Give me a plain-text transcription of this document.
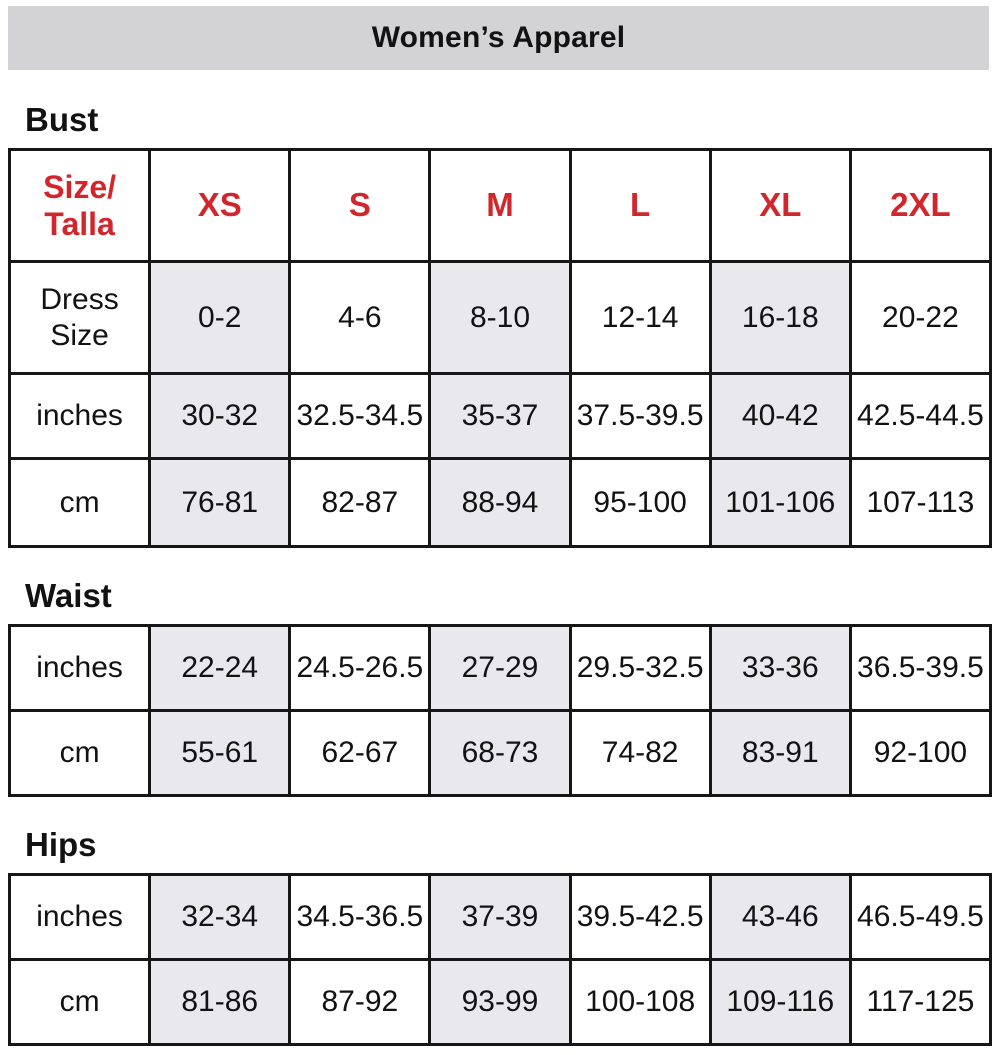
Women’s Apparel
Bust
Size/
Talla	XS	S	M	L	XL	2XL
Dress Size	0-2	4-6	8-10	12-14	16-18	20-22
inches	30-32	32.5-34.5	35-37	37.5-39.5	40-42	42.5-44.5
cm	76-81	82-87	88-94	95-100	101-106	107-113
Waist
inches	22-24	24.5-26.5	27-29	29.5-32.5	33-36	36.5-39.5
cm	55-61	62-67	68-73	74-82	83-91	92-100
Hips
inches	32-34	34.5-36.5	37-39	39.5-42.5	43-46	46.5-49.5
cm	81-86	87-92	93-99	100-108	109-116	117-125
